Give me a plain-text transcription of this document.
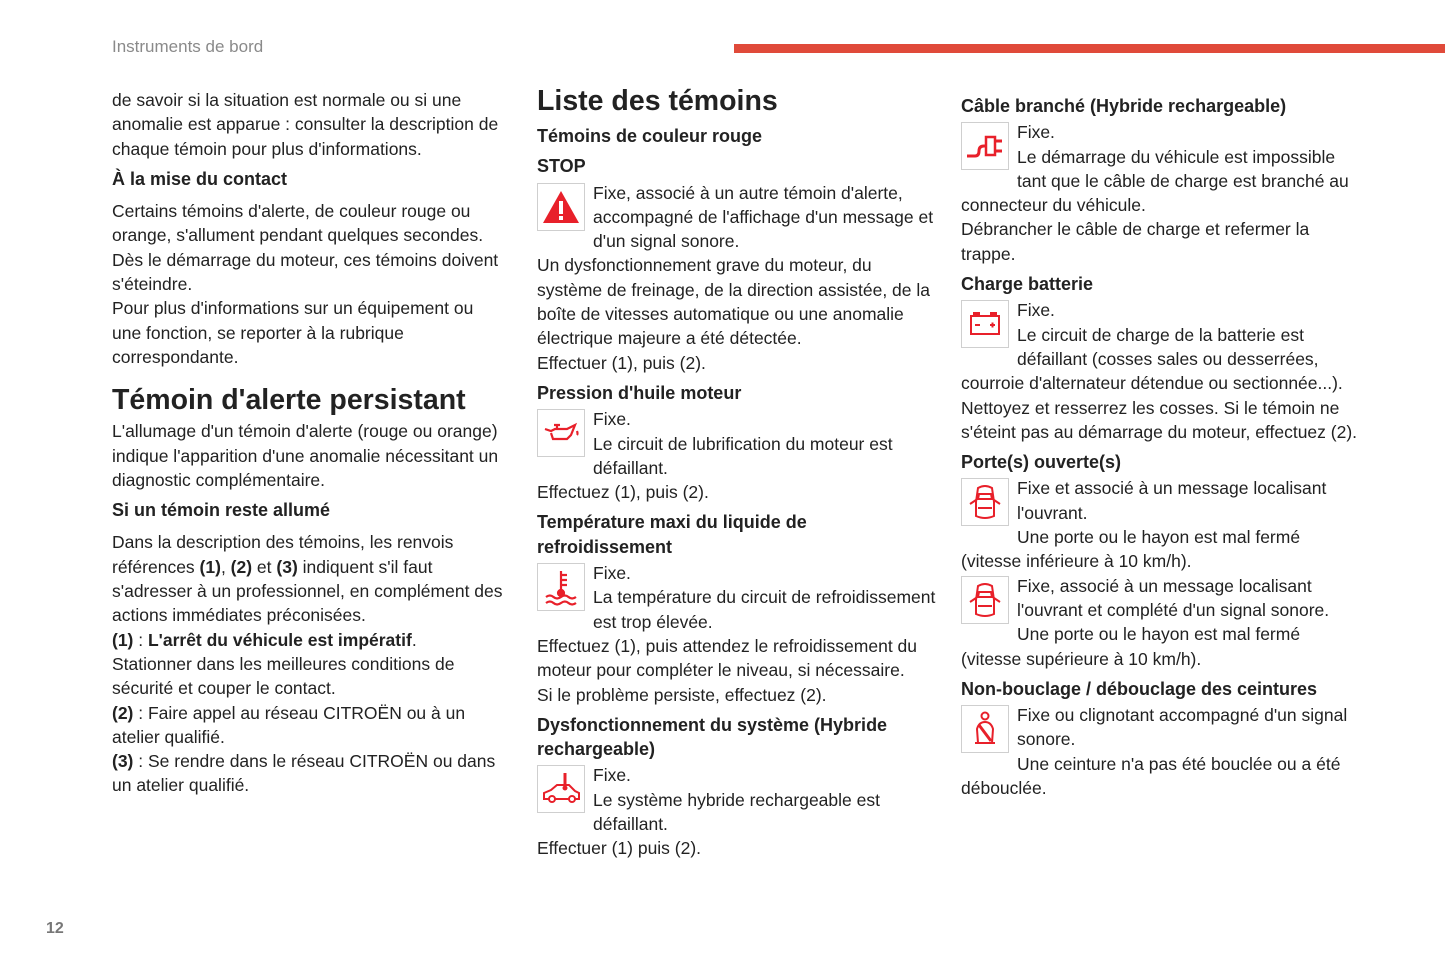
Instruments de bord
12

de savoir si la situation est normale ou si une anomalie est apparue : consulter la description de chaque témoin pour plus d'informations.

À la mise du contact

Certains témoins d'alerte, de couleur rouge ou orange, s'allument pendant quelques secondes.

Dès le démarrage du moteur, ces témoins doivent s'éteindre.

Pour plus d'informations sur un équipement ou une fonction, se reporter à la rubrique correspondante.

Témoin d'alerte persistant

L'allumage d'un témoin d'alerte (rouge ou orange) indique l'apparition d'une anomalie nécessitant un diagnostic complémentaire.

Si un témoin reste allumé

Dans la description des témoins, les renvois références (1), (2) et (3) indiquent s'il faut s'adresser à un professionnel, en complément des actions immédiates préconisées.

(1) : L'arrêt du véhicule est impératif.

Stationner dans les meilleures conditions de sécurité et couper le contact.

(2) : Faire appel au réseau CITROËN ou à un atelier qualifié.

(3) : Se rendre dans le réseau CITROËN ou dans un atelier qualifié.

Liste des témoins
Témoins de couleur rouge
STOP

Fixe, associé à un autre témoin d'alerte, accompagné de l'affichage d'un message et d'un signal sonore.

Un dysfonctionnement grave du moteur, du système de freinage, de la direction assistée, de la boîte de vitesses automatique ou une anomalie électrique majeure a été détectée.

Effectuer (1), puis (2).

Pression d'huile moteur

Fixe.

Le circuit de lubrification du moteur est défaillant.

Effectuez (1), puis (2).

Température maxi du liquide de refroidissement

Fixe.

La température du circuit de refroidissement est trop élevée.

Effectuez (1), puis attendez le refroidissement du moteur pour compléter le niveau, si nécessaire.

Si le problème persiste, effectuez (2).

Dysfonctionnement du système (Hybride rechargeable)

Fixe.

Le système hybride rechargeable est défaillant.

Effectuer (1) puis (2).

Câble branché (Hybride rechargeable)

Fixe.

Le démarrage du véhicule est impossible tant que le câble de charge est branché au connecteur du véhicule.

Débrancher le câble de charge et refermer la trappe.

Charge batterie

Fixe.

Le circuit de charge de la batterie est défaillant (cosses sales ou desserrées, courroie d'alternateur détendue ou sectionnée...).

Nettoyez et resserrez les cosses. Si le témoin ne s'éteint pas au démarrage du moteur, effectuez (2).

Porte(s) ouverte(s)

Fixe et associé à un message localisant l'ouvrant.

Une porte ou le hayon est mal fermé (vitesse inférieure à 10 km/h).

Fixe, associé à un message localisant l'ouvrant et complété d'un signal sonore.

Une porte ou le hayon est mal fermé (vitesse supérieure à 10 km/h).

Non-bouclage / débouclage des ceintures

Fixe ou clignotant accompagné d'un signal sonore.

Une ceinture n'a pas été bouclée ou a été débouclée.
